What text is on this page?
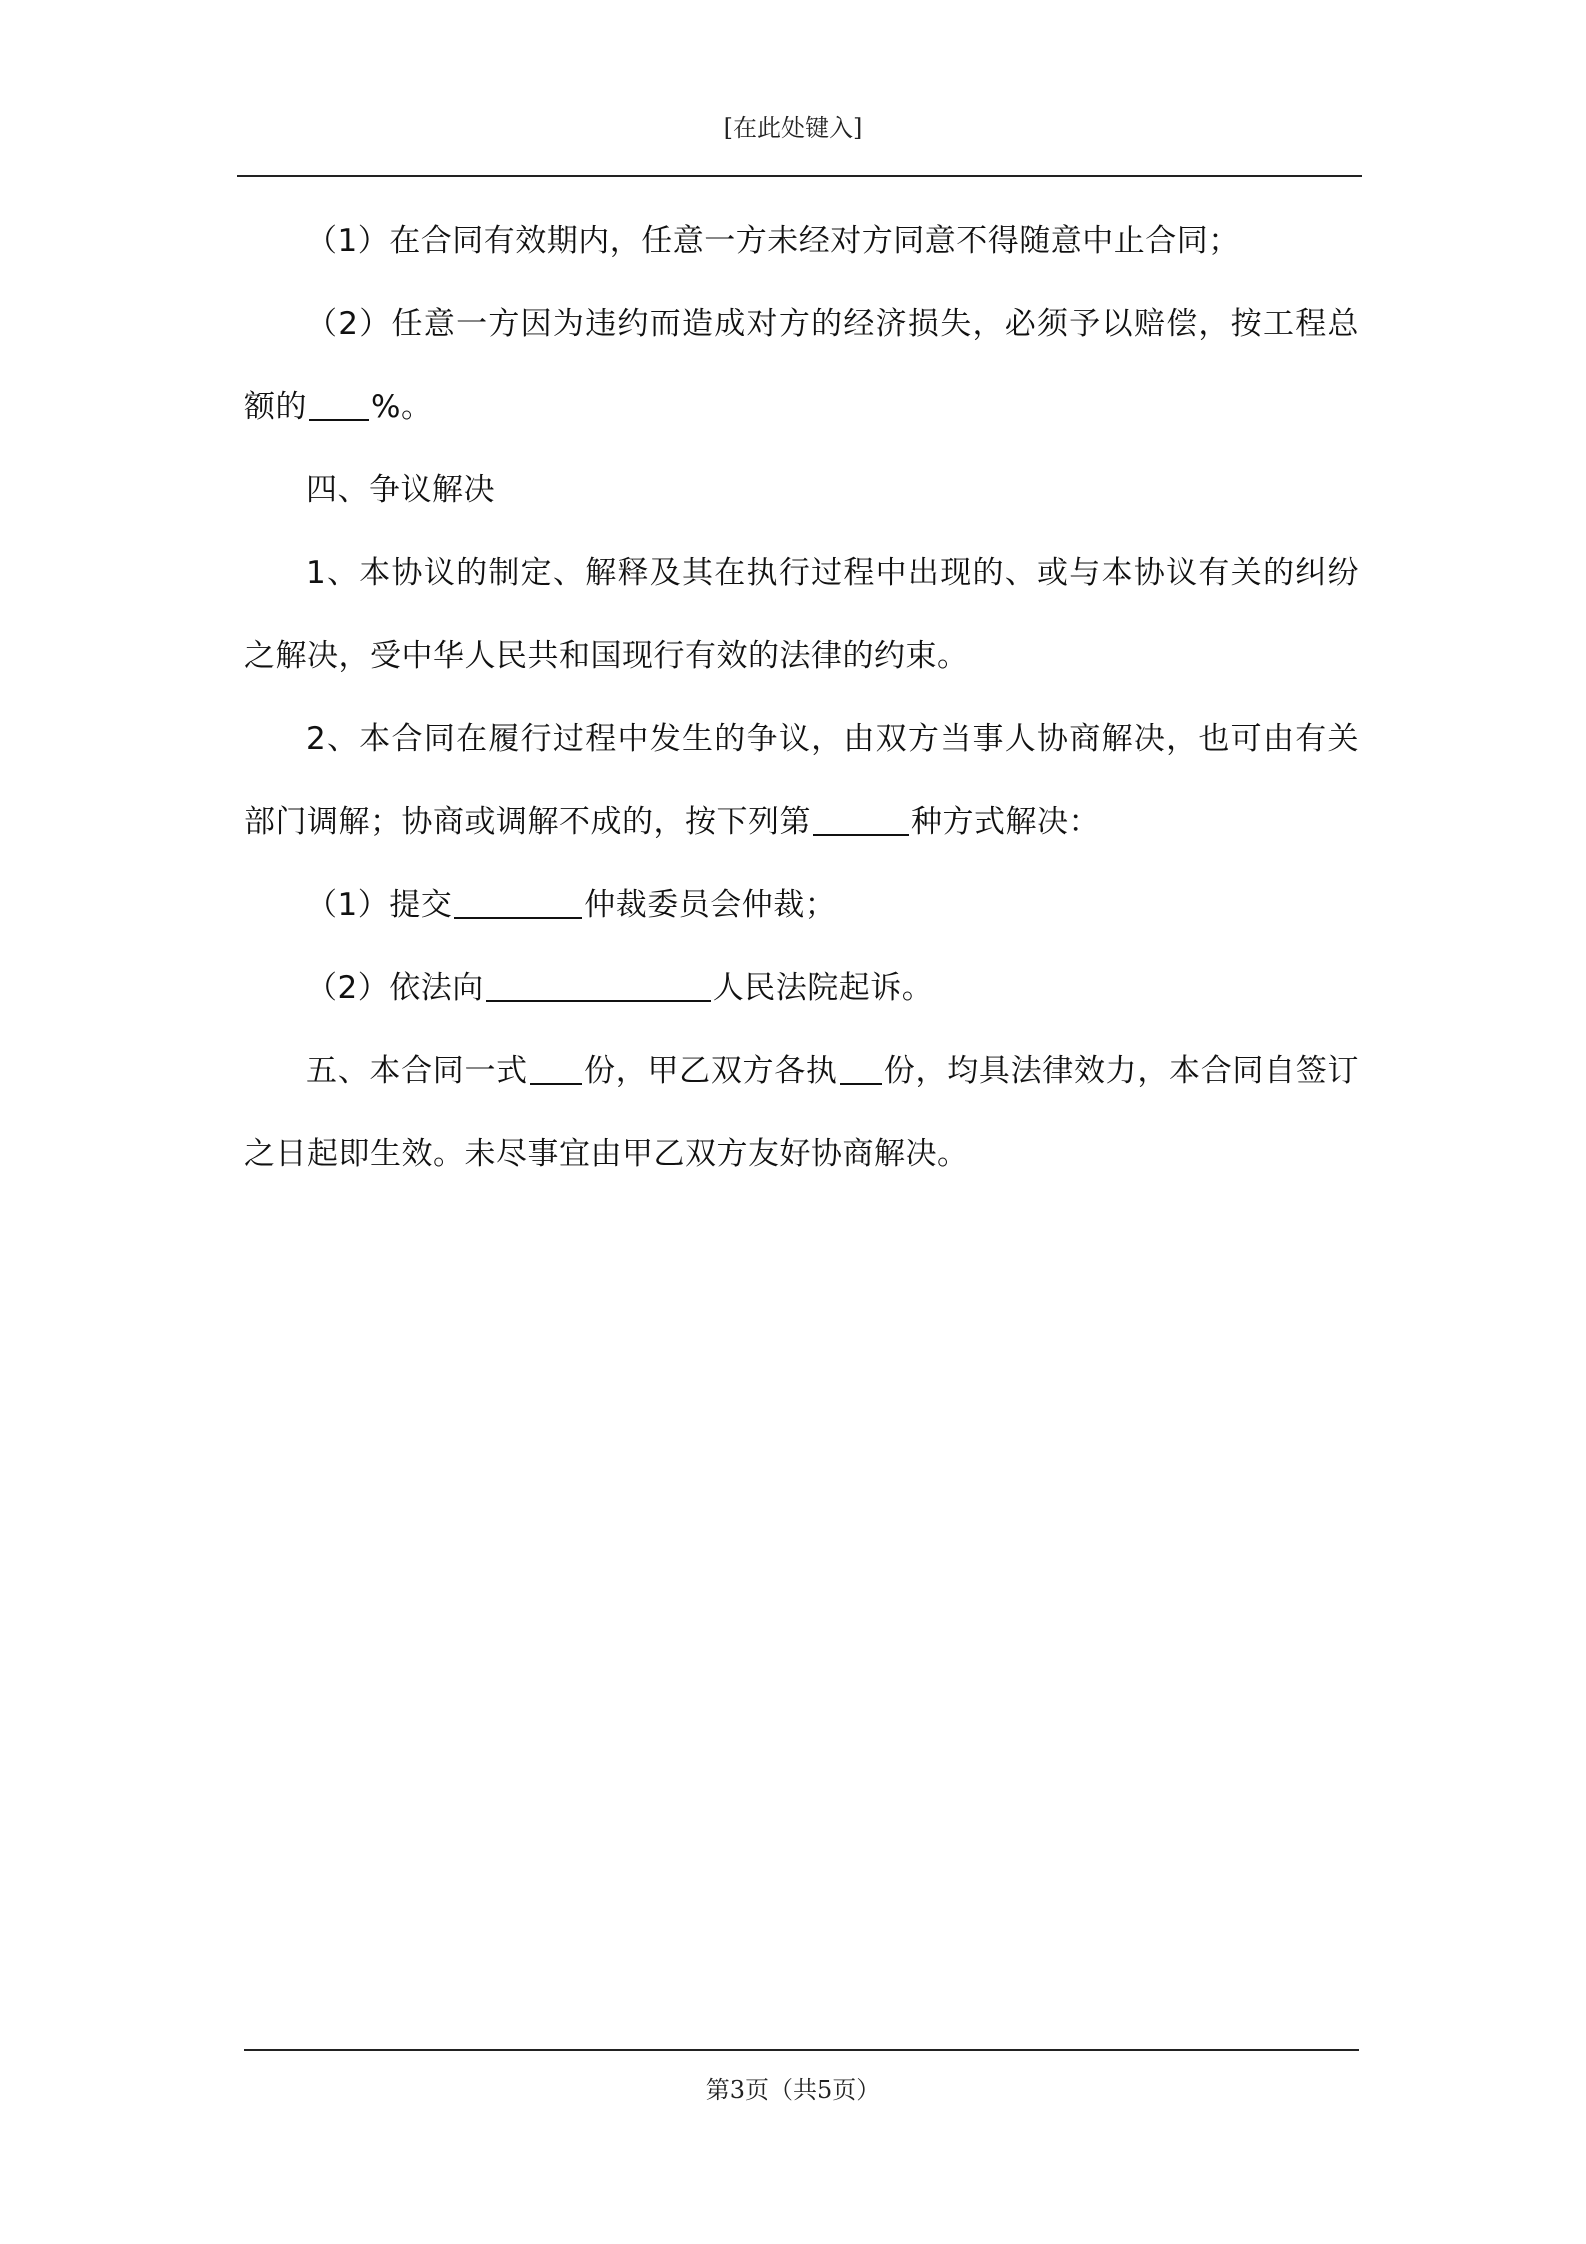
[在此处键入]

（1）在合同有效期内，任意一方未经对方同意不得随意中止合同；

（2）任意一方因为违约而造成对方的经济损失，必须予以赔偿，按工程总额的 %。

四、争议解决

1、本协议的制定、解释及其在执行过程中出现的、或与本协议有关的纠纷之解决，受中华人民共和国现行有效的法律的约束。

2、本合同在履行过程中发生的争议，由双方当事人协商解决，也可由有关部门调解；协商或调解不成的，按下列第	种方式解决：

（1）提交	仲裁委员会仲裁；

（2）依法向	人民法院起诉。

五、本合同一式 份，甲乙双方各执 份，均具法律效力，本合同自签订之日起即生效。未尽事宜由甲乙双方友好协商解决。

第3页（共5页）
